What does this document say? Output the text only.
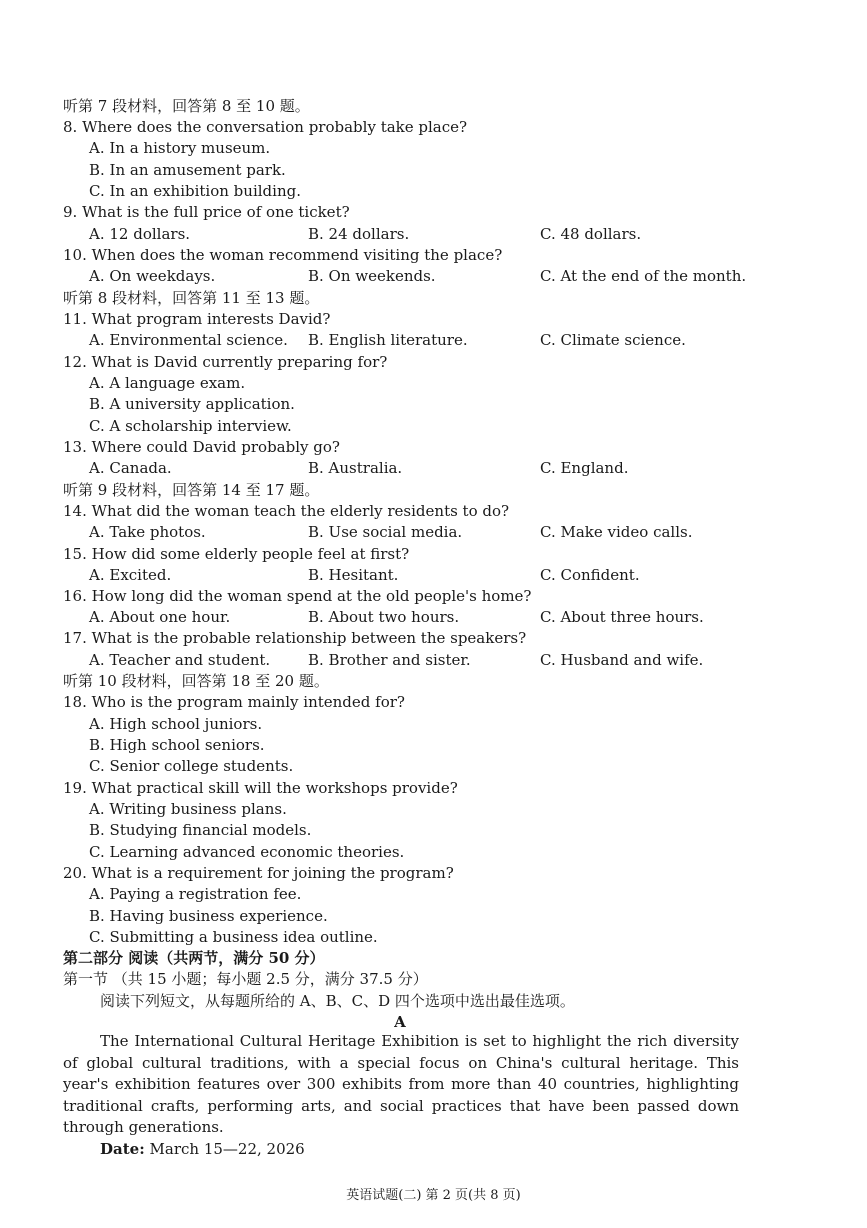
听第 7 段材料，回答第 8 至 10 题。
8. Where does the conversation probably take place?
A. In a history museum.
B. In an amusement park.
C. In an exhibition building.
9. What is the full price of one ticket?
A. 12 dollars.	B. 24 dollars.	C. 48 dollars.
10. When does the woman recommend visiting the place?
A. On weekdays.	B. On weekends.	C. At the end of the month.
听第 8 段材料，回答第 11 至 13 题。
11. What program interests David?
A. Environmental science. B. English literature.	C. Climate science.
12. What is David currently preparing for?
A. A language exam.
B. A university application.
C. A scholarship interview.
13. Where could David probably go?
A. Canada.	B. Australia.	C. England.
听第 9 段材料，回答第 14 至 17 题。
14. What did the woman teach the elderly residents to do?
A. Take photos.	B. Use social media.	C. Make video calls.
15. How did some elderly people feel at first?
A. Excited.	B. Hesitant.	C. Confident.
16. How long did the woman spend at the old people's home?
A. About one hour.	B. About two hours.	C. About three hours.
17. What is the probable relationship between the speakers?
A. Teacher and student.	B. Brother and sister.	C. Husband and wife.
听第 10 段材料，回答第 18 至 20 题。
18. Who is the program mainly intended for?
A. High school juniors.
B. High school seniors.
C. Senior college students.
19. What practical skill will the workshops provide?
A. Writing business plans.
B. Studying financial models.
C. Learning advanced economic theories.
20. What is a requirement for joining the program?
A. Paying a registration fee.
B. Having business experience.
C. Submitting a business idea outline.
第二部分 阅读（共两节，满分 50 分）
第一节 （共 15 小题；每小题 2.5 分，满分 37.5 分）
阅读下列短文，从每题所给的 A、B、C、D 四个选项中选出最佳选项。
A
The International Cultural Heritage Exhibition is set to highlight the rich diversity of global cultural traditions, with a special focus on China's cultural heritage. This year's exhibition features over 300 exhibits from more than 40 countries, highlighting traditional crafts, performing arts, and social practices that have been passed down through generations.
Date: March 15—22, 2026
英语试题(二) 第 2 页(共 8 页)
